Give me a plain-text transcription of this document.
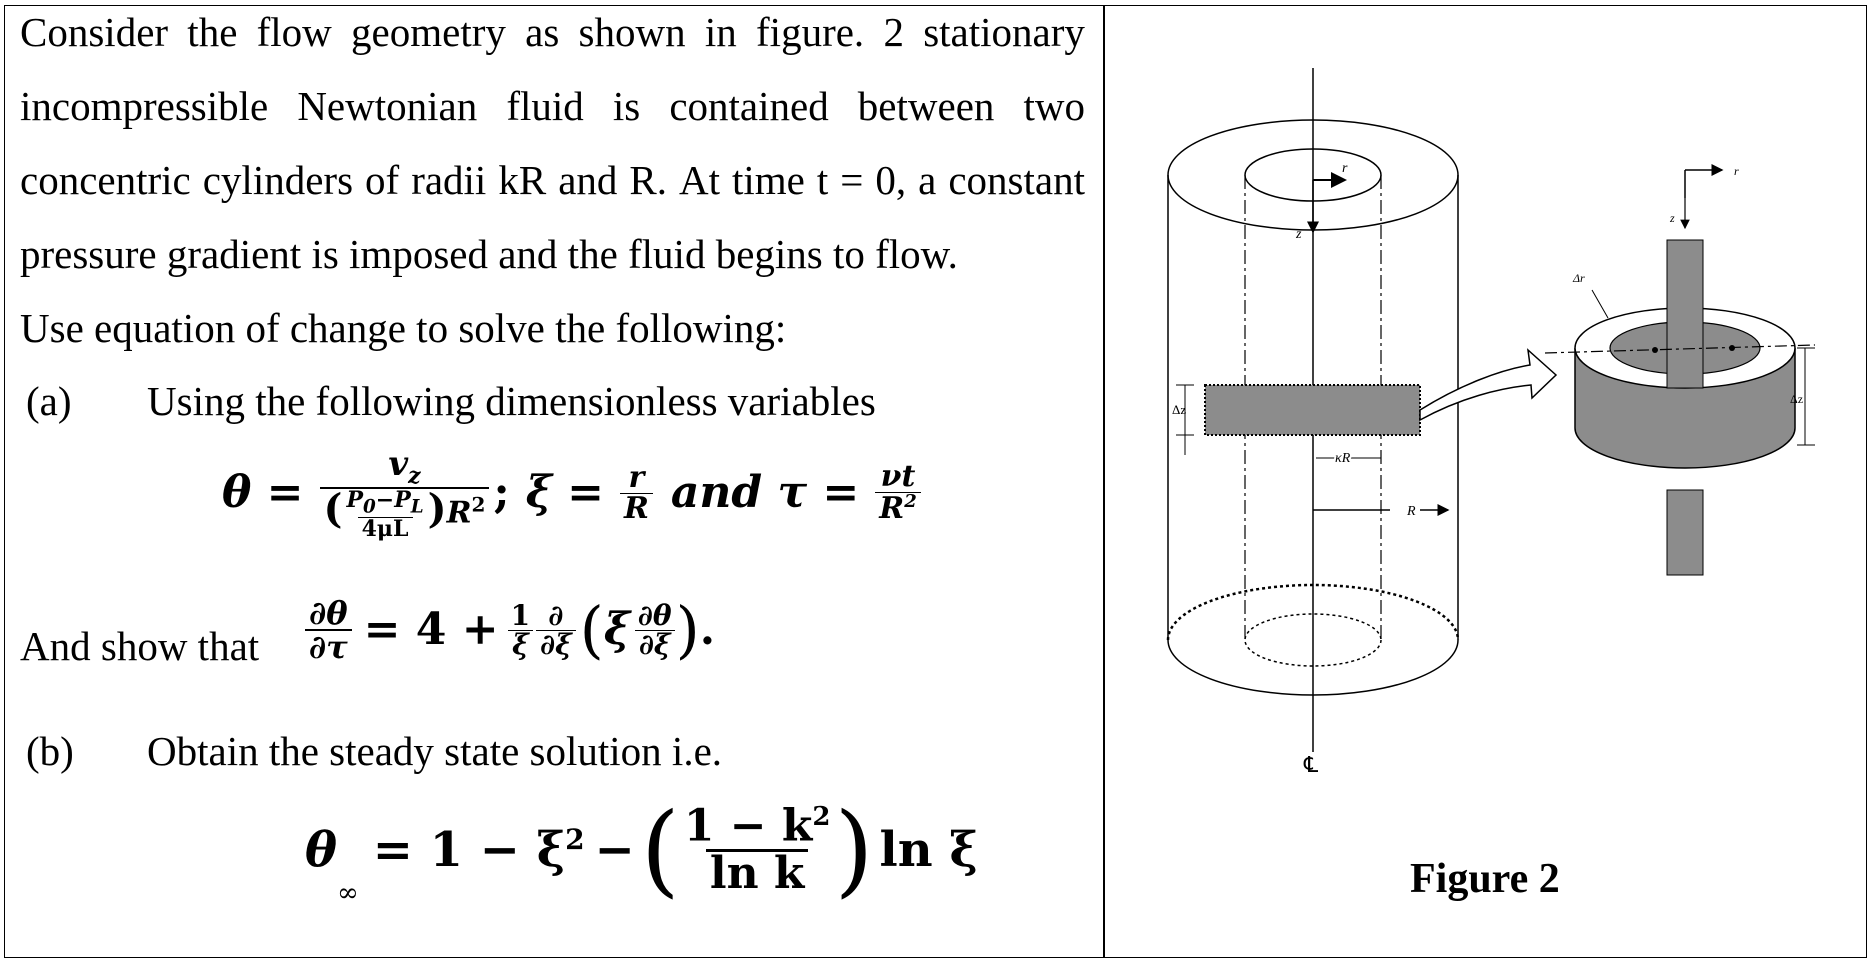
Consider the flow geometry as shown in figure. 2 stationary
incompressible Newtonian fluid is contained between two
concentric cylinders of radii kR and R. At time t = 0, a constant
pressure gradient is imposed and the fluid begins to flow.
Use equation of change to solve the following:
(a) Using the following dimensionless variables
$\theta = \frac{v_z}{( \frac{P_0-P_L}{4\mu L} )R^2}$ ; $\xi = \frac{r}{R}$ and $\tau = \frac{\nu t}{R^2}$
And show that $\frac{\partial\theta}{\partial\tau} = 4 + \frac{1}{\xi} \frac{\partial}{\partial\xi}$ ( ξ $\frac{\partial\theta}{\partial\xi}$ ) .
(b) Obtain the steady state solution i.e.
θ
∞
= $1 - \xi^2$ − ( $\frac{1 - k^2}{\text{ln k}}$ ) ln ξ
r
z
Δz
κR
R
℄
r
z
Δr
Δz
Figure 2
